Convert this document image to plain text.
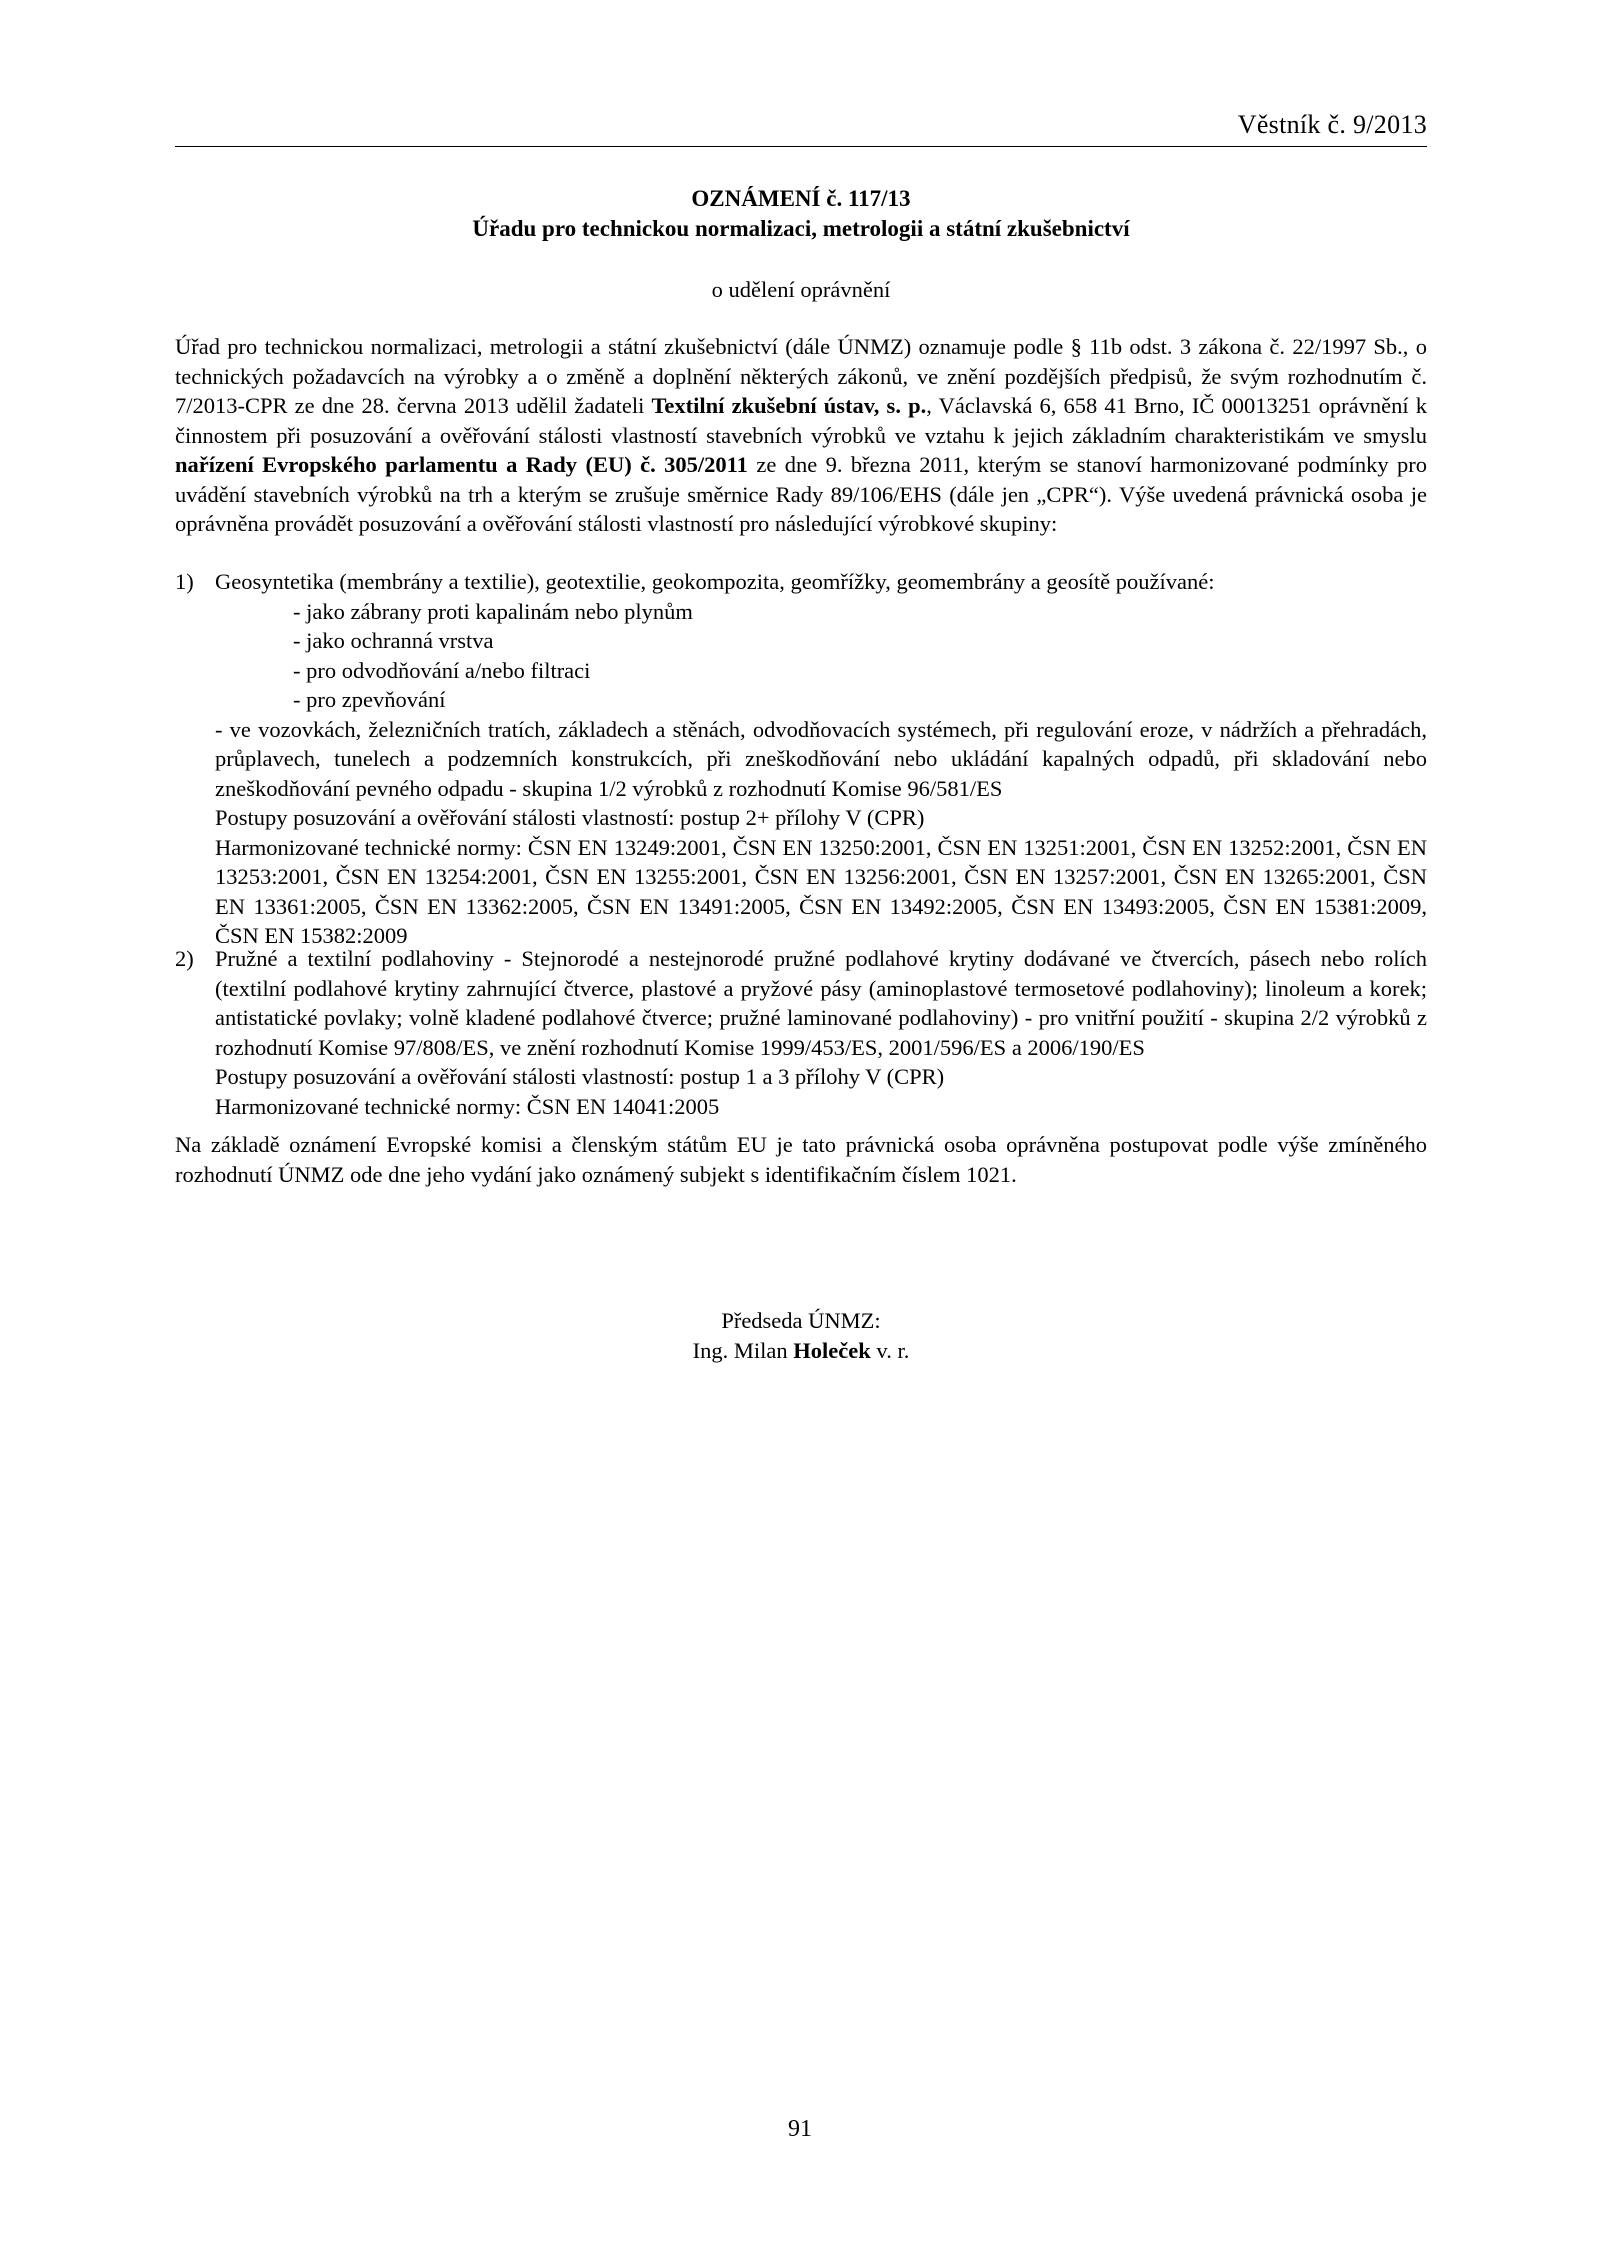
Věstník č. 9/2013
OZNÁMENÍ č. 117/13
Úřadu pro technickou normalizaci, metrologii a státní zkušebnictví
o udělení oprávnění

Úřad pro technickou normalizaci, metrologii a státní zkušebnictví (dále ÚNMZ) oznamuje podle § 11b odst. 3 zákona č. 22/1997 Sb., o technických požadavcích na výrobky a o změně a doplnění některých zákonů, ve znění pozdějších předpisů, že svým rozhodnutím č. 7/2013-CPR ze dne 28. června 2013 udělil žadateli Textilní zkušební ústav, s. p., Václavská 6, 658 41 Brno, IČ 00013251 oprávnění k činnostem při posuzování a ověřování stálosti vlastností stavebních výrobků ve vztahu k jejich základním charakteristikám ve smyslu nařízení Evropského parlamentu a Rady (EU) č. 305/2011 ze dne 9. března 2011, kterým se stanoví harmonizované podmínky pro uvádění stavebních výrobků na trh a kterým se zrušuje směrnice Rady 89/106/EHS (dále jen „CPR“). Výše uvedená právnická osoba je oprávněna provádět posuzování a ověřování stálosti vlastností pro následující výrobkové skupiny:

1) Geosyntetika (membrány a textilie), geotextilie, geokompozita, geomřížky, geomembrány a geosítě používané:

- jako zábrany proti kapalinám nebo plynům
- jako ochranná vrstva
- pro odvodňování a/nebo filtraci
- pro zpevňování

- ve vozovkách, železničních tratích, základech a stěnách, odvodňovacích systémech, při regulování eroze, v nádržích a přehradách, průplavech, tunelech a podzemních konstrukcích, při zneškodňování nebo ukládání kapalných odpadů, při skladování nebo zneškodňování pevného odpadu - skupina 1/2 výrobků z rozhodnutí Komise 96/581/ES

Postupy posuzování a ověřování stálosti vlastností: postup 2+ přílohy V (CPR)

Harmonizované technické normy: ČSN EN 13249:2001, ČSN EN 13250:2001, ČSN EN 13251:2001, ČSN EN 13252:2001, ČSN EN 13253:2001, ČSN EN 13254:2001, ČSN EN 13255:2001, ČSN EN 13256:2001, ČSN EN 13257:2001, ČSN EN 13265:2001, ČSN EN 13361:2005, ČSN EN 13362:2005, ČSN EN 13491:2005, ČSN EN 13492:2005, ČSN EN 13493:2005, ČSN EN 15381:2009, ČSN EN 15382:2009

2) Pružné a textilní podlahoviny - Stejnorodé a nestejnorodé pružné podlahové krytiny dodávané ve čtvercích, pásech nebo rolích (textilní podlahové krytiny zahrnující čtverce, plastové a pryžové pásy (aminoplastové termosetové podlahoviny); linoleum a korek; antistatické povlaky; volně kladené podlahové čtverce; pružné laminované podlahoviny) - pro vnitřní použití - skupina 2/2 výrobků z rozhodnutí Komise 97/808/ES, ve znění rozhodnutí Komise 1999/453/ES, 2001/596/ES a 2006/190/ES

Postupy posuzování a ověřování stálosti vlastností: postup 1 a 3 přílohy V (CPR)

Harmonizované technické normy: ČSN EN 14041:2005

Na základě oznámení Evropské komisi a členským státům EU je tato právnická osoba oprávněna postupovat podle výše zmíněného rozhodnutí ÚNMZ ode dne jeho vydání jako oznámený subjekt s identifikačním číslem 1021.

Předseda ÚNMZ:
Ing. Milan Holeček v. r.
91
